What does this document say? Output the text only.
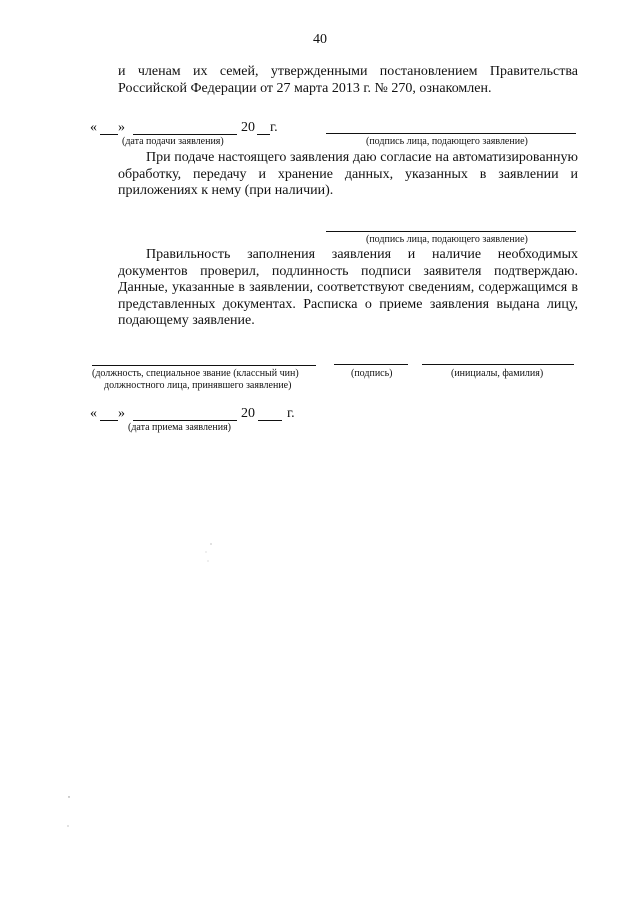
40
и членам их семей, утвержденными постановлением Правительства Российской Федерации от 27 марта 2013 г. № 270, ознакомлен.
« »	20 г.
(дата подачи заявления)	(подпись лица, подающего заявление)
При подаче настоящего заявления даю согласие на автоматизированную обработку, передачу и хранение данных, указанных в заявлении и приложениях к нему (при наличии).
(подпись лица, подающего заявление)
Правильность заполнения заявления и наличие необходимых документов проверил, подлинность подписи заявителя подтверждаю. Данные, указанные в заявлении, соответствуют сведениям, содержащимся в представленных документах. Расписка о приеме заявления выдана лицу, подающему заявление.
(должность, специальное звание (классный чин)
должностного лица, принявшего заявление)
(подпись)	(инициалы, фамилия)
« »	20 г.
(дата приема заявления)
